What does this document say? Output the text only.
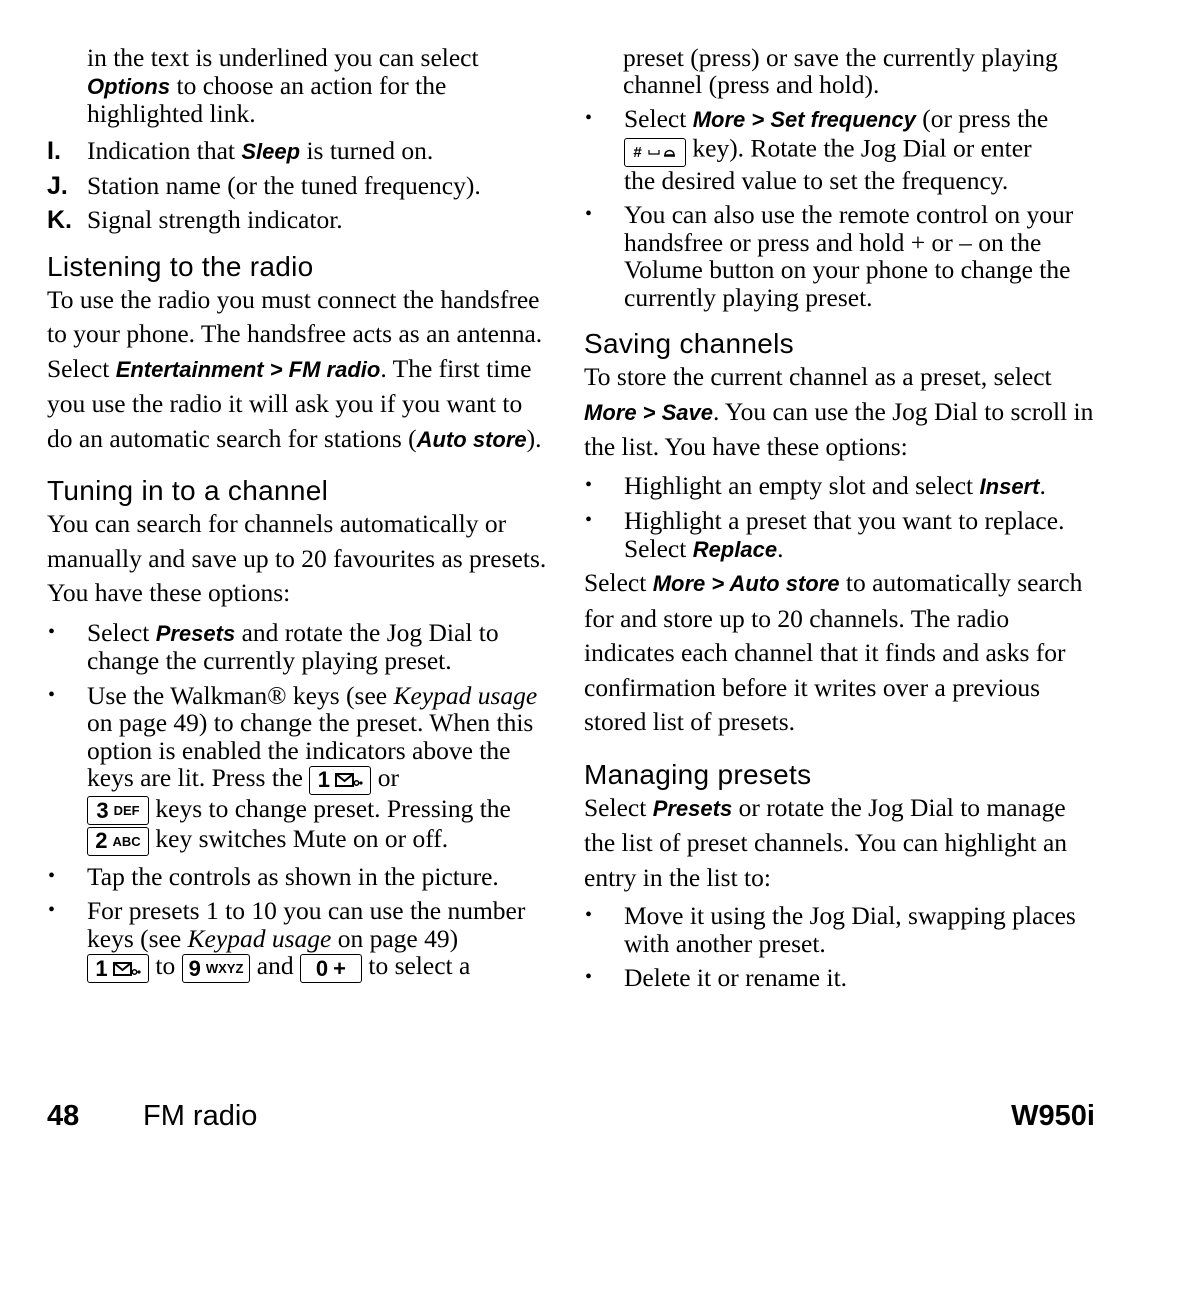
in the text is underlined you can select
Options to choose an action for the
highlighted link.

I. Indication that Sleep is turned on.
J. Station name (or the tuned frequency).
K. Signal strength indicator.
Listening to the radio

To use the radio you must connect the handsfree to your phone. The handsfree acts as an antenna. Select Entertainment > FM radio. The first time you use the radio it will ask you if you want to do an automatic search for stations (Auto store).

Tuning in to a channel

You can search for channels automatically or manually and save up to 20 favourites as presets. You have these options:

• Select Presets and rotate the Jog Dial to change the currently playing preset.
• Use the Walkman® keys (see Keypad usage on page 49) to change the preset. When this option is enabled the indicators above the keys are lit. Press the 1 or

3 DEF keys to change preset. Pressing the

2 ABC key switches Mute on or off.
• Tap the controls as shown in the picture.
• For presets 1 to 10 you can use the number keys (see Keypad usage on page 49)

1 to 9 WXYZ and 0 + to select a

preset (press) or save the currently playing
channel (press and hold).

• Select More > Set frequency (or press the

# key). Rotate the Jog Dial or enter
the desired value to set the frequency.
• You can also use the remote control on your handsfree or press and hold + or – on the Volume button on your phone to change the currently playing preset.
Saving channels

To store the current channel as a preset, select More > Save. You can use the Jog Dial to scroll in the list. You have these options:

• Highlight an empty slot and select Insert.
• Highlight a preset that you want to replace. Select Replace.

Select More > Auto store to automatically search for and store up to 20 channels. The radio indicates each channel that it finds and asks for confirmation before it writes over a previous stored list of presets.

Managing presets

Select Presets or rotate the Jog Dial to manage the list of preset channels. You can highlight an entry in the list to:

• Move it using the Jog Dial, swapping places with another preset.
• Delete it or rename it.
48 FM radio	W950i
